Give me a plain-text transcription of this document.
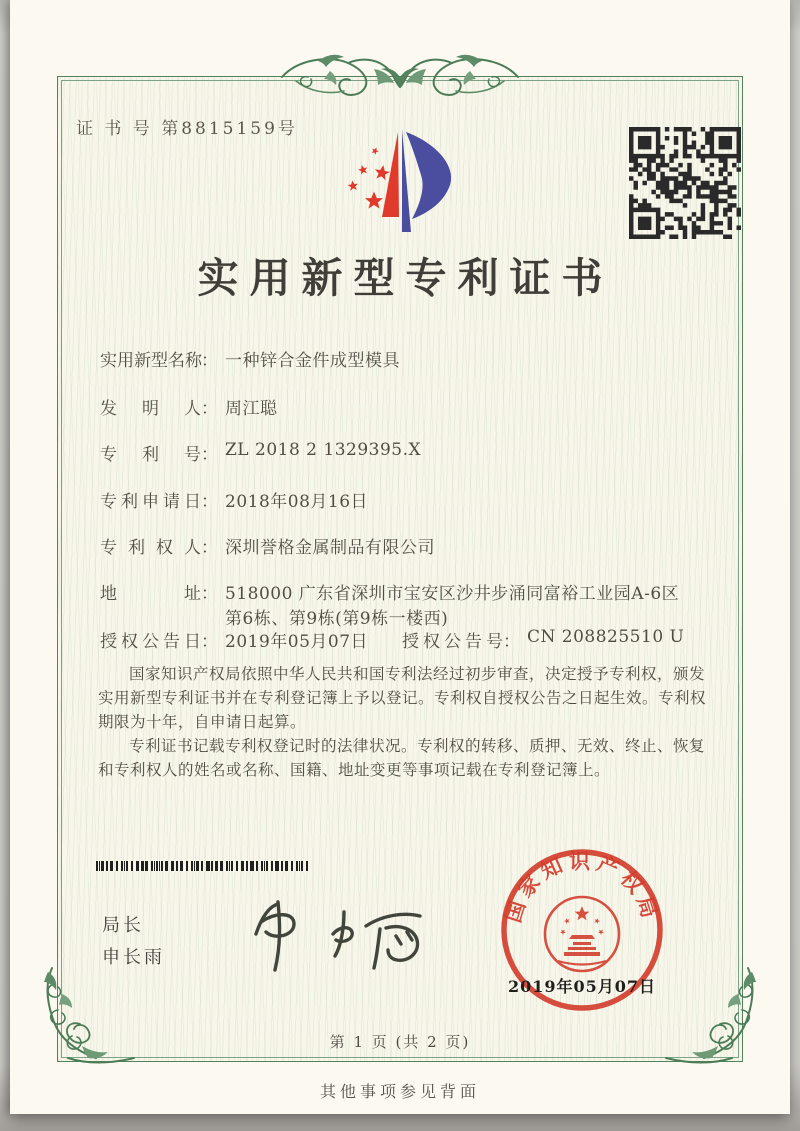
证 书 号 第8815159号
实用新型专利证书
实用新型名称： 一种锌合金件成型模具
发明人： 周江聪
专利号： ZL 2018 2 1329395.X
专利申请日： 2018年08月16日
专利权人： 深圳誉格金属制品有限公司
地址： 518000 广东省深圳市宝安区沙井步涌同富裕工业园A-6区
第6栋、第9栋(第9栋一楼西)
授权公告日： 2019年05月07日 授权公告号： CN 208825510 U

国家知识产权局依照中华人民共和国专利法经过初步审查，决定授予专利权，颁发实用新型专利证书并在专利登记簿上予以登记。专利权自授权公告之日起生效。专利权期限为十年，自申请日起算。

专利证书记载专利权登记时的法律状况。专利权的转移、质押、无效、终止、恢复和专利权人的姓名或名称、国籍、地址变更等事项记载在专利登记簿上。

局长
申长雨
国家知识产权局
2019年05月07日
第 1 页 (共 2 页)
其他事项参见背面
